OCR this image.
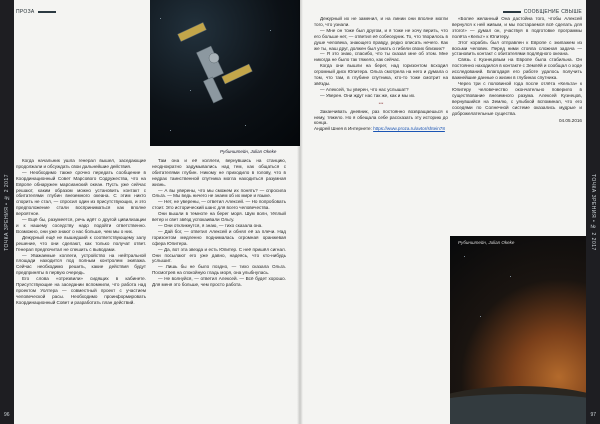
ТОЧКА ЗРЕНИЯ • № 2 2017
ПРОЗА
Рубинштейн, Julian Okeke

Когда начальник ушла генерал вышел, заседающие продолжали и обсуждать свои дальнейшие действия.

— Необходимо также срочно передать сообщение в Координационный Совет Марсового Содружества, что на Европе обнаружен марсианский океан. Пусть уже сейчас решают, каким образом можно установить контакт с обитателями глубин внеземного океана. С этим никто спорить не стал, — спросил один из присутствующих, и это предположение стали восприниматься как вполне вероятное.

— Ещё бы, разумеется, речь идёт о другой цивилизации и к нашему соседству надо подойти ответственно. Возможно, они уже знают о нас больше, чем мы о них.

Дежурный ещё не вышедший к соответствующему залу решение, что они сделают, как только получат ответ. Генерал предпочитал не спешить с выводами.

— Уважаемые коллеги, устройство на нейтральной площади находится под полным контролем экипажа. Сейчас необходимо решить, какие действия будут предприняты в первую очередь.

Его слова «отрезвили» сидящих в кабинете. Присутствующие на заседании вспомнили, что работа над проектом Уолтера — совместный проект с участием человеческой расы. Необходимо проинформировать Координационный Совет и разработать план действий.

Там она и её коллеги, вернувшись на станцию, неоднократно задумывались над тем, как общаться с обитателями глубин. Никому не приходило в голову, что в недрах таинственной спутника могла находиться разумная жизнь.

— А вы уверены, что мы сможем их понять? — спросила Ольга. — Мы ведь ничего не знаем об их мире и языке.

— Нет, не уверены, — ответил Алексей. — Но попробовать стоит. Это исторический шанс для всего человечества.

Они вышли в темноте на берег моря. Шум волн, тёплый ветер и свет звёзд успокаивали Ольгу.

— Они откликнутся, я знаю, — тихо сказала она.

— Дай бог, — ответил Алексей и обнял её за плечи. Над горизонтом медленно поднималась огромная оранжевая сфера Юпитера.

— Да, вот эта звезда и есть Юпитер. С неё пришёл сигнал. Они посылают его уже давно, надеясь, что кто-нибудь услышит.

— Лишь бы не было поздно, — тихо сказала Ольга. Посмотрев на спокойную гладь моря, она улыбнулась.

— Не волнуйся, — ответил Алексей. — Всё будет хорошо. Для меня это больше, чем просто работа.

96
СООБЩЕНИЕ СВЫШЕ

Дежурный их не заменил, и на линии они вполне могли того, что узнали.

— Мне он тоже был другом, и я тоже не хочу верить, что его больше нет, — ответил её собеседник. То, что творилось в душе человека, знающего правду, редко описать нечего. Как же ты, наш друг, должен был узнать о гибели своих близких?

— Я это знаю, спасибо, что ты сказал мне об этом. Мне никогда не было так тяжело, как сейчас.

Когда они вышли на берег, над горизонтом всходил огромный диск Юпитера. Ольга смотрела на него и думала о том, что там, в глубине спутника, кто-то тоже смотрит на звёзды.

— Алексей, ты уверен, что нас услышат?

— Уверен. Они ждут нас так же, как и мы их.

***

Заканчивать дневник, раз постоянно возвращаешься к нему, тяжело. Но я обещала себе рассказать эту историю до конца.

Андрей Шнея в Интернете: https://www.proza.ru/avtor/shtein78

«Более желанный Она дастойна того, чтобы Алексей вернулся к ней живым, и мы постараемся всё сделать для этого!» — думал он, участвуя в подготовке программы полёта «Кельт» к Юпитеру.

Этот корабль был отправлен к Европе с экипажем из восьми человек. Перед ними стояла сложная задача — установить контакт с обитателями подлёдного океана.

Связь с Кузнецовым на Европе была стабильна. Он постоянно находился в контакте с Землёй и сообщал о ходе исследований. Благодаря его работе удалось получить важнейшие данные о жизни в глубинах спутника.

Через три с половиной года после отлёта «Кельта» к Юпитеру человечество окончательно поверило в существование внеземного разума. Алексей Кузнецов, вернувшийся на Землю, с улыбкой вспоминал, что его соседями по Солнечной системе оказались мудрые и доброжелательные существа.

04.05.2016

Рубинштейн, Julian Okeke	ТОЧКА ЗРЕНИЯ • № 2 2017
97
